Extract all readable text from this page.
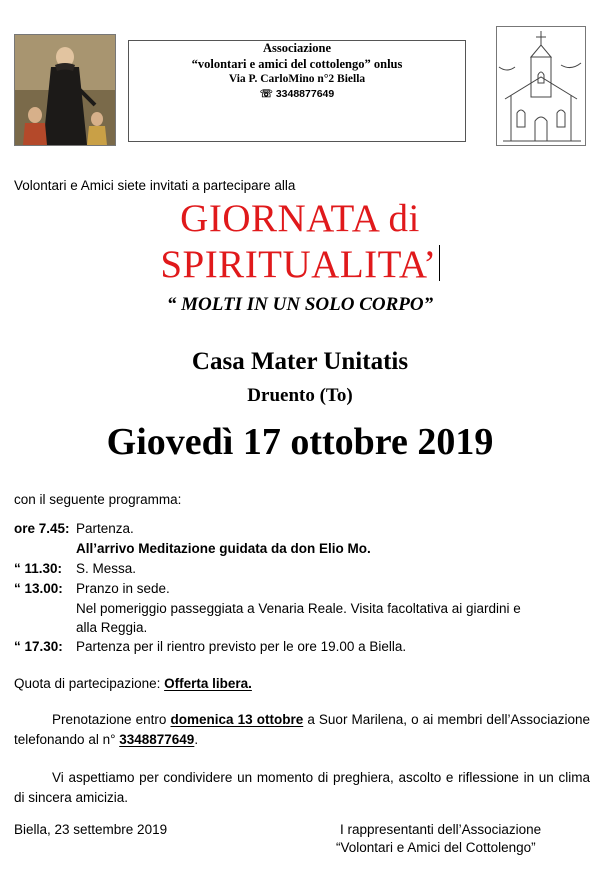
Associazione
“volontari e amici del cottolengo” onlus
Via P. CarloMino n°2 Biella
☏ 3348877649
Volontari e Amici siete invitati a partecipare alla
GIORNATA di
SPIRITUALITA’
“ MOLTI IN UN SOLO CORPO”
Casa Mater Unitatis
Druento (To)
Giovedì 17 ottobre 2019
con il seguente programma:
ore 7.45: Partenza.
All’arrivo Meditazione guidata da don Elio Mo.
“ 11.30: S. Messa.
“ 13.00: Pranzo in sede.
Nel pomeriggio passeggiata a Venaria Reale. Visita facoltativa ai giardini e
alla Reggia.
“ 17.30: Partenza per il rientro previsto per le ore 19.00 a Biella.
Quota di partecipazione: Offerta libera.
Prenotazione entro domenica 13 ottobre a Suor Marilena, o ai membri dell’Associazione telefonando al n° 3348877649.
Vi aspettiamo per condividere un momento di preghiera, ascolto e riflessione in un clima di sincera amicizia.
Biella, 23 settembre 2019	I rappresentanti dell’Associazione
“Volontari e Amici del Cottolengo”
